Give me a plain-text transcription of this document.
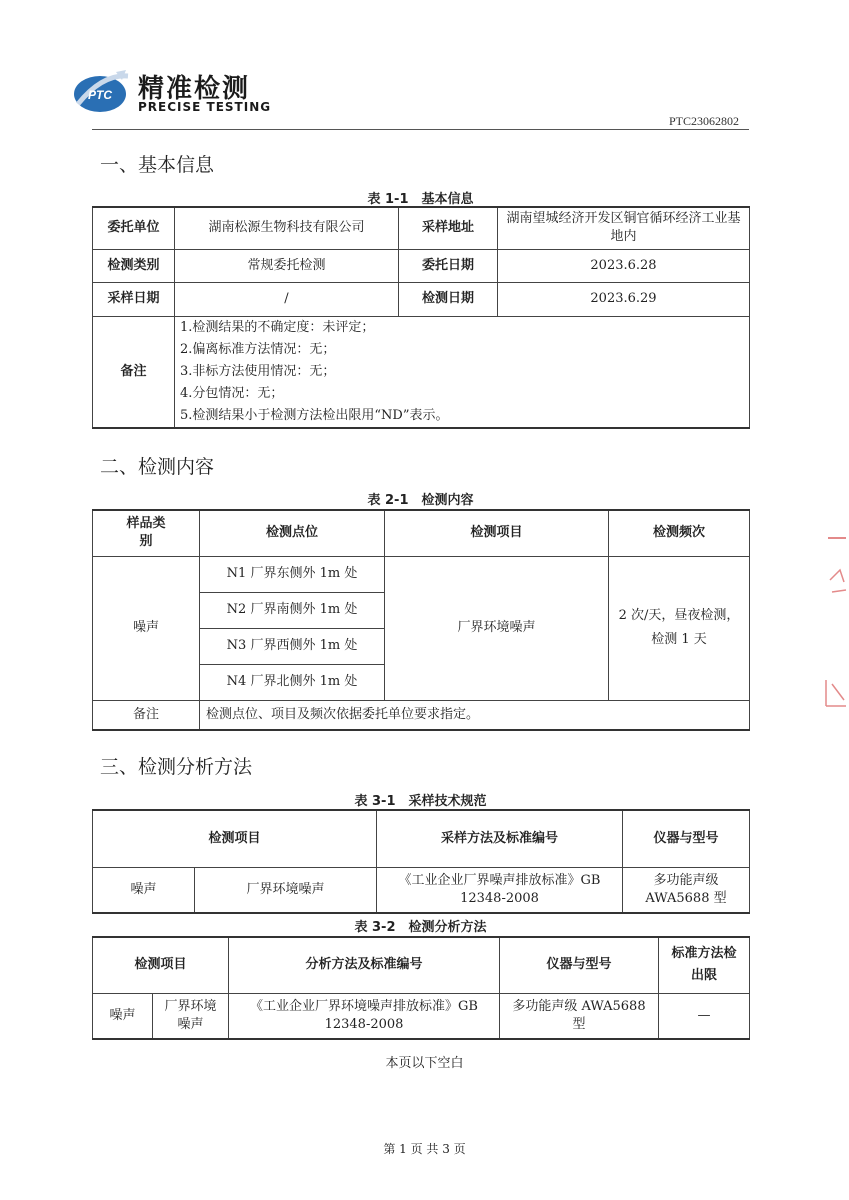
PTC 精准检测
PRECISE TESTING
PTC23062802
一、基本信息
表 1-1　基本信息
委托单位	湖南松源生物科技有限公司	采样地址	湖南望城经济开发区铜官循环经济工业基地内
检测类别	常规委托检测	委托日期	2023.6.28
采样日期	/	检测日期	2023.6.29
备注	1.检测结果的不确定度：未评定；
2.偏离标准方法情况：无；
3.非标方法使用情况：无；
4.分包情况：无；
5.检测结果小于检测方法检出限用“ND”表示。		
二、检测内容
表 2-1　检测内容
样品类别	检测点位	检测项目	检测频次
噪声	N1 厂界东侧外 1m 处	厂界环境噪声	2 次/天，昼夜检测，检测 1 天
	N2 厂界南侧外 1m 处		
	N3 厂界西侧外 1m 处		
	N4 厂界北侧外 1m 处		
备注	检测点位、项目及频次依据委托单位要求指定。		
三、检测分析方法
表 3-1　采样技术规范
检测项目		采样方法及标准编号	仪器与型号
噪声	厂界环境噪声	《工业企业厂界噪声排放标准》GB 12348-2008	多功能声级 AWA5688 型
表 3-2　检测分析方法
检测项目		分析方法及标准编号	仪器与型号	标准方法检出限
噪声	厂界环境噪声	《工业企业厂界环境噪声排放标准》GB 12348-2008	多功能声级 AWA5688 型	—
本页以下空白
第 1 页 共 3 页
